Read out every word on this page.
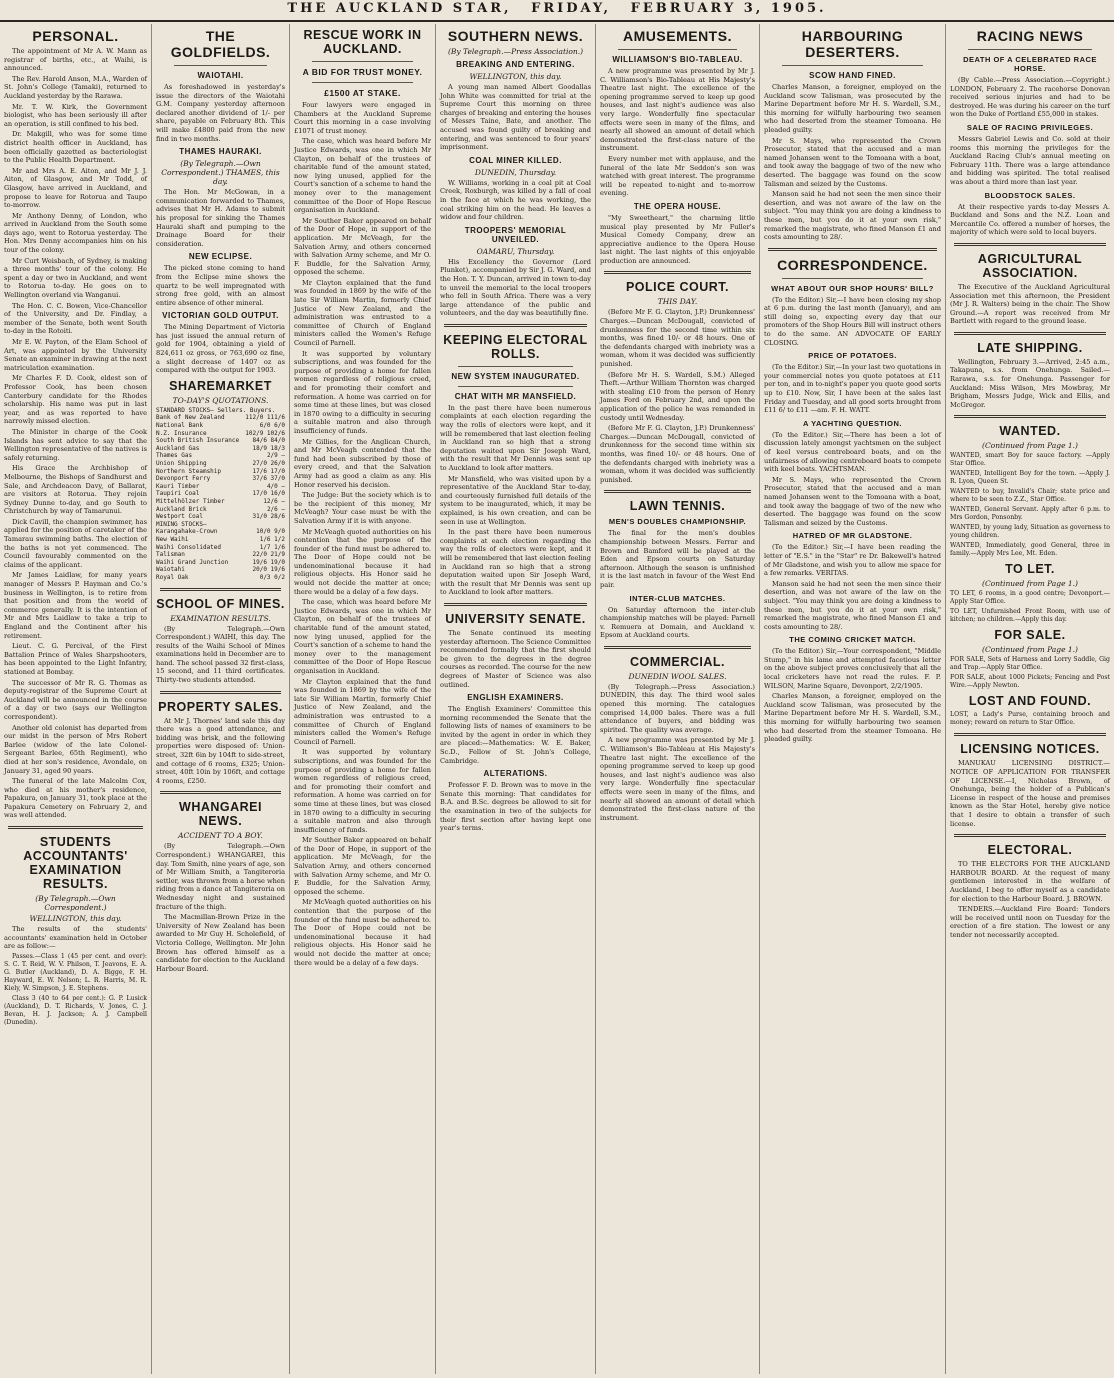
THE AUCKLAND STAR, FRIDAY, FEBRUARY 3, 1905.
PERSONAL.

The appointment of Mr A. W. Mann as registrar of births, etc., at Waihi, is announced.

The Rev. Harold Anson, M.A., Warden of St. John's College (Tamaki), returned to Auckland yesterday by the Rarawa.

Mr. T. W. Kirk, the Government biologist, who has been seriously ill after an operation, is still confined to his bed.

Dr. Makgill, who was for some time district health officer in Auckland, has been officially gazetted as bacteriologist to the Public Health Department.

Mr and Mrs A. E. Aiton, and Mr J. J. Aiton, of Glasgow, and Mr Todd, of Glasgow, have arrived in Auckland, and propose to leave for Rotorua and Taupo to-morrow.

Mr Anthony Denny, of London, who arrived in Auckland from the South some days ago, went to Rotorua yesterday. The Hon. Mrs Denny accompanies him on his tour of the colony.

Mr Curt Weisbach, of Sydney, is making a three months' tour of the colony. He spent a day or two in Auckland, and went to Rotorua to-day. He goes on to Wellington overland via Wanganui.

The Hon. C. C. Bowen, Vice-Chancellor of the University, and Dr. Findlay, a member of the Senate, both went South to-day in the Rotoiti.

Mr E. W. Payton, of the Elam School of Art, was appointed by the University Senate an examiner in drawing at the next matriculation examination.

Mr Charles F. D. Cook, eldest son of Professor Cook, has been chosen Canterbury candidate for the Rhodes scholarship. His name was put in last year, and as was reported to have narrowly missed election.

The Minister in charge of the Cook Islands has sent advice to say that the Wellington representative of the natives is safely returning.

His Grace the Archbishop of Melbourne, the Bishops of Sandhurst and Sale, and Archdeacon Davy, of Ballarat, are visitors at Rotorua. They rejoin Sydney Dunne to-day, and go South to Christchurch by way of Tamarunui.

Dick Cavill, the champion swimmer, has applied for the position of caretaker of the Tamarau swimming baths. The election of the baths is not yet commenced. The Council favourably commented on the claims of the applicant.

Mr James Laidlaw, for many years manager of Messrs P. Hayman and Co.'s business in Wellington, is to retire from that position and from the world of commerce generally. It is the intention of Mr and Mrs Laidlaw to take a trip to England and the Continent after his retirement.

Lieut. C. G. Percival, of the First Battalion Prince of Wales Sharpshooters, has been appointed to the Light Infantry, stationed at Bombay.

The successor of Mr R. G. Thomas as deputy-registrar of the Supreme Court at Auckland will be announced in the course of a day or two (says our Wellington correspondent).

Another old colonist has departed from our midst in the person of Mrs Robert Barlee (widow of the late Colonel-Sergeant Barlee, 65th Regiment), who died at her son's residence, Avondale, on January 31, aged 90 years.

The funeral of the late Malcolm Cox, who died at his mother's residence, Papakura, on January 31, took place at the Papakura Cemetery on February 2, and was well attended.

STUDENTS ACCOUNTANTS' EXAMINATION RESULTS.
(By Telegraph.—Own Correspondent.)
WELLINGTON, this day.

The results of the students' accountants' examination held in October are as follow:—

Passes.—Class 1 (45 per cent. and over): S. C. T. Reid, W. V. Philson, T. Jeavons, E. A. G. Butler (Auckland), D. A. Bigge, F. H. Hayward, E. W. Nelson; L. R. Harris, M. R. Kiely, W. Simpson, J. E. Stephens.

Class 3 (40 to 64 per cent.): G. P. Lusick (Auckland), D. T. Richards, V. Jones, C. J. Bevan, H. J. Jackson; A. J. Campbell (Dunedin).

THE GOLDFIELDS.
WAIOTAHI.

As foreshadowed in yesterday's issue the directors of the Waiotahi G.M. Company yesterday afternoon declared another dividend of 1/- per share, payable on February 8th. This will make £4800 paid from the new find in two months.

THAMES HAURAKI.
(By Telegraph.—Own Correspondent.) THAMES, this day.

The Hon. Mr McGowan, in a communication forwarded to Thames, advises that Mr H. Adams to submit his proposal for sinking the Thames Hauraki shaft and pumping to the Drainage Board for their consideration.

NEW ECLIPSE.

The picked stone coming to hand from the Eclipse mine shows the quartz to be well impregnated with strong free gold, with an almost entire absence of other mineral.

VICTORIAN GOLD OUTPUT.

The Mining Department of Victoria has just issued the annual return of gold for 1904, obtaining a yield of 824,611 oz gross, or 763,690 oz fine, a slight decrease of 1407 oz as compared with the output for 1903.

SHAREMARKET
TO-DAY'S QUOTATIONS.
STANDARD STOCKS— Sellers. Buyers.
Bank of New Zealand	112/0 111/6
National Bank	6/0 6/0
N.Z. Insurance	102/9 102/6
South British Insurance 84/6 84/0
Auckland Gas	18/9 18/3
Thames Gas	2/9 —
Union Shipping	27/0 26/0
Northern Steamship	17/6 17/0
Devonport Ferry	37/6 37/0
Kauri Timber	4/0 —
Taupiri Coal	17/0 16/0
Mittelhölzer Timber	12/6 —
Auckland Brick	2/6 —
Westport Coal	31/0 28/6
MINING STOCKS—
Karangahake-Crown	10/0 9/0
New Waihi	1/6 1/2
Waihi Consolidated	1/7 1/6
Talisman	22/0 21/9
Waihi Grand Junction	19/6 19/0
Waiotahi	20/0 19/6
Royal Oak	0/3 0/2
SCHOOL OF MINES.
EXAMINATION RESULTS.

(By Telegraph.—Own Correspondent.) WAIHI, this day. The results of the Waihi School of Mines examinations held in December are to hand. The school passed 32 first-class, 15 second, and 11 third certificates. Thirty-two students attended.

PROPERTY SALES.

At Mr J. Thornes' land sale this day there was a good attendance, and bidding was brisk, and the following properties were disposed of: Union-street, 32ft 6in by 104ft to side-street, and cottage of 6 rooms, £325; Union-street, 40ft 10in by 106ft, and cottage 4 rooms, £250.

WHANGAREI NEWS.
ACCIDENT TO A BOY.

(By Telegraph.—Own Correspondent.) WHANGAREI, this day. Tom Smith, nine years of age, son of Mr William Smith, a Tangiteroria settler, was thrown from a horse when riding from a dance at Tangiteroria on Wednesday night and sustained fracture of the thigh.

The Macmillan-Brown Prize in the University of New Zealand has been awarded to Mr Guy H. Scholefield, of Victoria College, Wellington. Mr John Brown has offered himself as a candidate for election to the Auckland Harbour Board.

RESCUE WORK IN AUCKLAND.
A BID FOR TRUST MONEY.
£1500 AT STAKE.

Four lawyers were engaged in Chambers at the Auckland Supreme Court this morning in a case involving £1071 of trust money.

The case, which was heard before Mr Justice Edwards, was one in which Mr Clayton, on behalf of the trustees of charitable fund of the amount stated, now lying unused, applied for the Court's sanction of a scheme to hand the money over to the management committee of the Door of Hope Rescue organisation in Auckland.

Mr Souther Baker appeared on behalf of the Door of Hope, in support of the application. Mr McVeagh, for the Salvation Army, and others concerned with Salvation Army scheme, and Mr O. F. Buddle, for the Salvation Army, opposed the scheme.

Mr Clayton explained that the fund was founded in 1869 by the wife of the late Sir William Martin, formerly Chief Justice of New Zealand, and the administration was entrusted to a committee of Church of England ministers called the Women's Refuge Council of Parnell.

It was supported by voluntary subscriptions, and was founded for the purpose of providing a home for fallen women regardless of religious creed, and for promoting their comfort and reformation. A home was carried on for some time at these lines, but was closed in 1870 owing to a difficulty in securing a suitable matron and also through insufficiency of funds.

Mr Gillies, for the Anglican Church, and Mr McVeagh contended that the fund had been subscribed by those of every creed, and that the Salvation Army had as good a claim as any. His Honor reserved his decision.

The Judge: But the society which is to be the recipient of this money, Mr McVeagh? Your case must be with the Salvation Army if it is with anyone.

Mr McVeagh quoted authorities on his contention that the purpose of the founder of the fund must be adhered to. The Door of Hope could not be undenominational because it had religious objects. His Honor said he would not decide the matter at once; there would be a delay of a few days.

The case, which was heard before Mr Justice Edwards, was one in which Mr Clayton, on behalf of the trustees of charitable fund of the amount stated, now lying unused, applied for the Court's sanction of a scheme to hand the money over to the management committee of the Door of Hope Rescue organisation in Auckland.

Mr Clayton explained that the fund was founded in 1869 by the wife of the late Sir William Martin, formerly Chief Justice of New Zealand, and the administration was entrusted to a committee of Church of England ministers called the Women's Refuge Council of Parnell.

It was supported by voluntary subscriptions, and was founded for the purpose of providing a home for fallen women regardless of religious creed, and for promoting their comfort and reformation. A home was carried on for some time at these lines, but was closed in 1870 owing to a difficulty in securing a suitable matron and also through insufficiency of funds.

Mr Souther Baker appeared on behalf of the Door of Hope, in support of the application. Mr McVeagh, for the Salvation Army, and others concerned with Salvation Army scheme, and Mr O. F. Buddle, for the Salvation Army, opposed the scheme.

Mr McVeagh quoted authorities on his contention that the purpose of the founder of the fund must be adhered to. The Door of Hope could not be undenominational because it had religious objects. His Honor said he would not decide the matter at once; there would be a delay of a few days.

SOUTHERN NEWS.
(By Telegraph.—Press Association.)
BREAKING AND ENTERING.
WELLINGTON, this day.

A young man named Albert Goodallas John White was committed for trial at the Supreme Court this morning on three charges of breaking and entering the houses of Messrs Taine, Bate, and another. The accused was found guilty of breaking and entering, and was sentenced to four years' imprisonment.

COAL MINER KILLED.
DUNEDIN, Thursday.

W. Williams, working in a coal pit at Coal Creek, Roxburgh, was killed by a fall of coal in the face at which he was working, the coal striking him on the head. He leaves a widow and four children.

TROOPERS' MEMORIAL UNVEILED.
OAMARU, Thursday.

His Excellency the Governor (Lord Plunket), accompanied by Sir J. G. Ward, and the Hon. T. Y. Duncan, arrived in town to-day to unveil the memorial to the local troopers who fell in South Africa. There was a very large attendance of the public and volunteers, and the day was beautifully fine.

KEEPING ELECTORAL ROLLS.
NEW SYSTEM INAUGURATED.
CHAT WITH MR MANSFIELD.

In the past there have been numerous complaints at each election regarding the way the rolls of electors were kept, and it will be remembered that last election feeling in Auckland ran so high that a strong deputation waited upon Sir Joseph Ward, with the result that Mr Dennis was sent up to Auckland to look after matters.

Mr Mansfield, who was visited upon by a representative of the Auckland Star to-day, and courteously furnished full details of the system to be inaugurated, which, it may be explained, is his own creation, and can be seen in use at Wellington.

In the past there have been numerous complaints at each election regarding the way the rolls of electors were kept, and it will be remembered that last election feeling in Auckland ran so high that a strong deputation waited upon Sir Joseph Ward, with the result that Mr Dennis was sent up to Auckland to look after matters.

UNIVERSITY SENATE.

The Senate continued its meeting yesterday afternoon. The Science Committee recommended formally that the first should be given to the degrees in the degree courses as recorded. The course for the new degrees of Master of Science was also outlined.

ENGLISH EXAMINERS.

The English Examiners' Committee this morning recommended the Senate that the following lists of names of examiners to be invited by the agent in order in which they are placed:—Mathematics: W. E. Baker, Sc.D., Fellow of St. John's College, Cambridge.

ALTERATIONS.

Professor F. D. Brown was to move in the Senate this morning: That candidates for B.A. and B.Sc. degrees be allowed to sit for the examination in two of the subjects for their first section after having kept one year's terms.

AMUSEMENTS.
WILLIAMSON'S BIO-TABLEAU.

A new programme was presented by Mr J. C. Williamson's Bio-Tableau at His Majesty's Theatre last night. The excellence of the opening programme served to keep up good houses, and last night's audience was also very large. Wonderfully fine spectacular effects were seen in many of the films, and nearly all showed an amount of detail which demonstrated the first-class nature of the instrument.

Every number met with applause, and the funeral of the late Mr Seddon's son was watched with great interest. The programme will be repeated to-night and to-morrow evening.

THE OPERA HOUSE.

"My Sweetheart," the charming little musical play presented by Mr Fuller's Musical Comedy Company, drew an appreciative audience to the Opera House last night. The last nights of this enjoyable production are announced.

POLICE COURT.
THIS DAY.

(Before Mr F. G. Clayton, J.P.) Drunkenness' Charges.—Duncan McDougall, convicted of drunkenness for the second time within six months, was fined 10/- or 48 hours. One of the defendants charged with inebriety was a woman, whom it was decided was sufficiently punished.

(Before Mr H. S. Wardell, S.M.) Alleged Theft.—Arthur William Thornton was charged with stealing £10 from the person of Henry James Ford on February 2nd, and upon the application of the police he was remanded in custody until Wednesday.

(Before Mr F. G. Clayton, J.P.) Drunkenness' Charges.—Duncan McDougall, convicted of drunkenness for the second time within six months, was fined 10/- or 48 hours. One of the defendants charged with inebriety was a woman, whom it was decided was sufficiently punished.

LAWN TENNIS.
MEN'S DOUBLES CHAMPIONSHIP.

The final for the men's doubles championship between Messrs. Ferrar and Brown and Bamford will be played at the Eden and Epsom courts on Saturday afternoon. Although the season is unfinished it is the last match in favour of the West End pair.

INTER-CLUB MATCHES.

On Saturday afternoon the inter-club championship matches will be played: Parnell v. Remuera at Domain, and Auckland v. Epsom at Auckland courts.

COMMERCIAL.
DUNEDIN WOOL SALES.

(By Telegraph.—Press Association.) DUNEDIN, this day. The third wool sales opened this morning. The catalogues comprised 14,000 bales. There was a full attendance of buyers, and bidding was spirited. The quality was average.

A new programme was presented by Mr J. C. Williamson's Bio-Tableau at His Majesty's Theatre last night. The excellence of the opening programme served to keep up good houses, and last night's audience was also very large. Wonderfully fine spectacular effects were seen in many of the films, and nearly all showed an amount of detail which demonstrated the first-class nature of the instrument.

HARBOURING DESERTERS.
SCOW HAND FINED.

Charles Manson, a foreigner, employed on the Auckland scow Talisman, was prosecuted by the Marine Department before Mr H. S. Wardell, S.M., this morning for wilfully harbouring two seamen who had deserted from the steamer Tomoana. He pleaded guilty.

Mr S. Mays, who represented the Crown Prosecutor, stated that the accused and a man named Johansen went to the Tomoana with a boat, and took away the baggage of two of the new who deserted. The baggage was found on the scow Talisman and seized by the Customs.

Manson said he had not seen the men since their desertion, and was not aware of the law on the subject. "You may think you are doing a kindness to these men, but you do it at your own risk," remarked the magistrate, who fined Manson £1 and costs amounting to 28/.

CORRESPONDENCE.
WHAT ABOUT OUR SHOP HOURS' BILL?

(To the Editor.) Sir,—I have been closing my shop at 6 p.m. during the last month (January), and am still doing so, expecting every day that our promoters of the Shop Hours Bill will instruct others to do the same. AN ADVOCATE OF EARLY CLOSING.

PRICE OF POTATOES.

(To the Editor.) Sir,—In your last two quotations in your commercial notes you quote potatoes at £11 per ton, and in to-night's paper you quote good sorts up to £10. Now, Sir, I have been at the sales last Friday and Tuesday, and all good sorts brought from £11 6/ to £11 —am. F. H. WATT.

A YACHTING QUESTION.

(To the Editor.) Sir,—There has been a lot of discussion lately amongst yachtsmen on the subject of keel versus centreboard boats, and on the unfairness of allowing centreboard boats to compete with keel boats. YACHTSMAN.

Mr S. Mays, who represented the Crown Prosecutor, stated that the accused and a man named Johansen went to the Tomoana with a boat, and took away the baggage of two of the new who deserted. The baggage was found on the scow Talisman and seized by the Customs.

HATRED OF MR GLADSTONE.

(To the Editor.) Sir,—I have been reading the letter of "E.S." in the "Star" re Dr. Bakewell's hatred of Mr Gladstone, and wish you to allow me space for a few remarks. VERITAS.

Manson said he had not seen the men since their desertion, and was not aware of the law on the subject. "You may think you are doing a kindness to these men, but you do it at your own risk," remarked the magistrate, who fined Manson £1 and costs amounting to 28/.

THE COMING CRICKET MATCH.

(To the Editor.) Sir,—Your correspondent, "Middle Stump," in his lame and attempted facetious letter on the above subject proves conclusively that all the local cricketers have not read the rules. F. P. WILSON, Marine Square, Devonport, 2/2/1905.

Charles Manson, a foreigner, employed on the Auckland scow Talisman, was prosecuted by the Marine Department before Mr H. S. Wardell, S.M., this morning for wilfully harbouring two seamen who had deserted from the steamer Tomoana. He pleaded guilty.

RACING NEWS
DEATH OF A CELEBRATED RACE HORSE.

(By Cable.—Press Association.—Copyright.) LONDON, February 2. The racehorse Donovan received serious injuries and had to be destroyed. He was during his career on the turf won the Duke of Portland £55,000 in stakes.

SALE OF RACING PRIVILEGES.

Messrs Gabriel Lewis and Co. sold at their rooms this morning the privileges for the Auckland Racing Club's annual meeting on February 11th. There was a large attendance and bidding was spirited. The total realised was about a third more than last year.

BLOODSTOCK SALES.

At their respective yards to-day Messrs A. Buckland and Sons and the N.Z. Loan and Mercantile Co. offered a number of horses, the majority of which were sold to local buyers.

AGRICULTURAL ASSOCIATION.

The Executive of the Auckland Agricultural Association met this afternoon, the President (Mr J. R. Walters) being in the chair. The Show Ground.—A report was received from Mr Bartlett with regard to the ground lease.

LATE SHIPPING.

Wellington, February 3.—Arrived, 2:45 a.m., Takapuna, s.s. from Onehunga. Sailed.—Rarawa, s.s. for Onehunga. Passenger for Auckland: Miss Wilson, Mrs Mowbray, Mr Brigham, Messrs Judge, Wick and Ellis, and McGregor.

WANTED.
(Continued from Page 1.)

WANTED, smart Boy for sauce factory. —Apply Star Office.

WANTED, Intelligent Boy for the town. —Apply J. R. Lyon, Queen St.

WANTED to buy, Invalid's Chair; state price and where to be seen to Z.Z., Star Office.

WANTED, General Servant. Apply after 6 p.m. to Mrs Gordon, Ponsonby.

WANTED, by young lady, Situation as governess to young children.

WANTED, Immediately, good General, three in family.—Apply Mrs Lee, Mt. Eden.

TO LET.
(Continued from Page 1.)

TO LET, 6 rooms, in a good centre; Devonport.—Apply Star Office.

TO LET, Unfurnished Front Room, with use of kitchen; no children.—Apply this day.

FOR SALE.
(Continued from Page 1.)

FOR SALE, Sets of Harness and Lorry Saddle, Gig and Trap.—Apply Star Office.

FOR SALE, about 1000 Pickets; Fencing and Post Wire.—Apply Newton.

LOST AND FOUND.

LOST, a Lady's Purse, containing brooch and money; reward on return to Star Office.

LICENSING NOTICES.

MANUKAU LICENSING DISTRICT.—NOTICE OF APPLICATION FOR TRANSFER OF LICENSE.—I, Nicholas Brown, of Onehunga, being the holder of a Publican's License in respect of the house and premises known as the Star Hotel, hereby give notice that I desire to obtain a transfer of such license.

ELECTORAL.

TO THE ELECTORS FOR THE AUCKLAND HARBOUR BOARD. At the request of many gentlemen interested in the welfare of Auckland, I beg to offer myself as a candidate for election to the Harbour Board. J. BROWN.

TENDERS.—Auckland Fire Board: Tenders will be received until noon on Tuesday for the erection of a fire station. The lowest or any tender not necessarily accepted.
